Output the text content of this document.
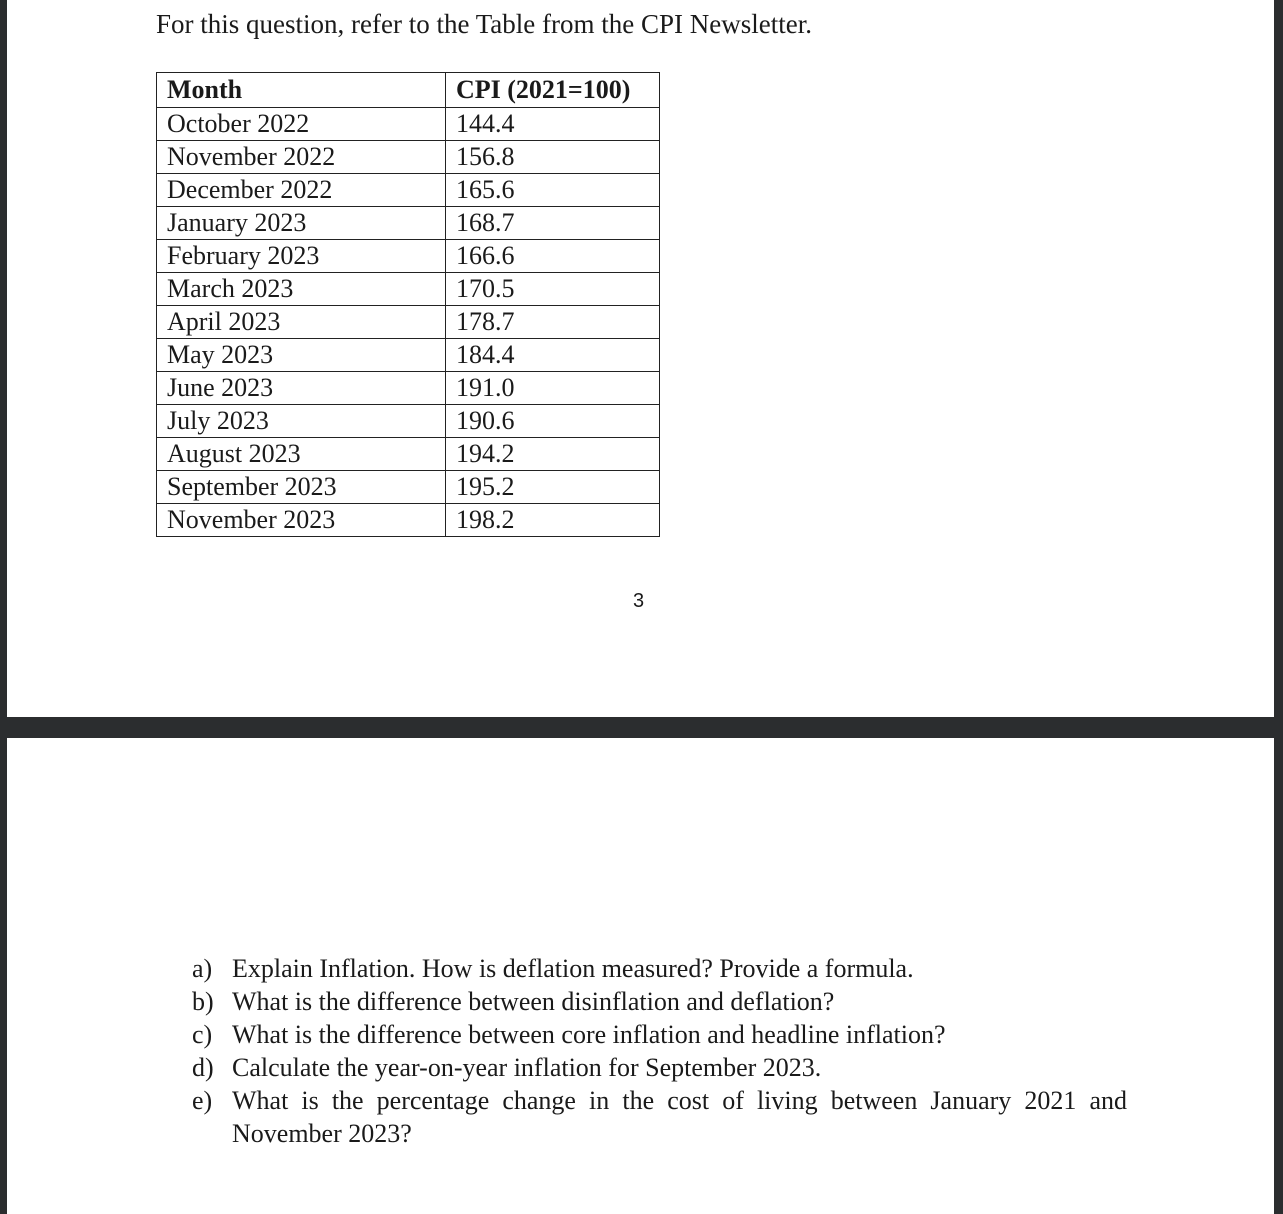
For this question, refer to the Table from the CPI Newsletter.
Month	CPI (2021=100)
October 2022	144.4
November 2022	156.8
December 2022	165.6
January 2023	168.7
February 2023	166.6
March 2023	170.5
April 2023	178.7
May 2023	184.4
June 2023	191.0
July 2023	190.6
August 2023	194.2
September 2023	195.2
November 2023	198.2
3
a) Explain Inflation. How is deflation measured? Provide a formula.
b) What is the difference between disinflation and deflation?
c) What is the difference between core inflation and headline inflation?
d) Calculate the year-on-year inflation for September 2023.
e) What is the percentage change in the cost of living between January 2021 and November 2023?
